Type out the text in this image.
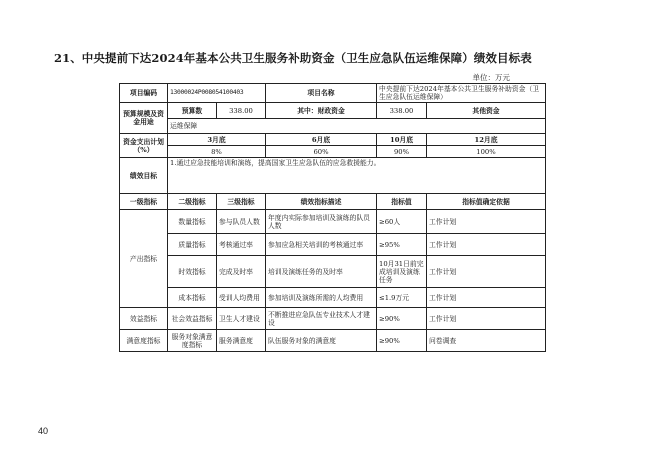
21、中央提前下达2024年基本公共卫生服务补助资金（卫生应急队伍运维保障）绩效目标表
单位：万元
项目编码	13000024P008054100403		项目名称	中央提前下达2024年基本公共卫生服务补助资金（卫生应急队伍运维保障）	
预算规模及资金用途	预算数	338.00	其中：财政资金	338.00	其他资金
	运维保障				
资金支出计划（%）	3月底		6月底	10月底	12月底
	8%		60%	90%	100%
绩效目标	1.通过应急技能培训和演练，提高国家卫生应急队伍的应急救援能力。				
一级指标	二级指标	三级指标	绩效指标描述	指标值	指标值确定依据
产出指标	数量指标	参与队员人数	年度内实际参加培训及演练的队员人数	≥60人	工作计划
	质量指标	考核通过率	参加应急相关培训的考核通过率	≥95%	工作计划
	时效指标	完成及时率	培训及演练任务的及时率	10月31日前完成培训及演练任务	工作计划
	成本指标	受训人均费用	参加培训及演练所需的人均费用	≤1.9万元	工作计划
效益指标	社会效益指标	卫生人才建设	不断推进应急队伍专业技术人才建设	≥90%	工作计划
满意度指标	服务对象满意度指标	服务满意度	队伍服务对象的满意度	≥90%	问卷调查
40
